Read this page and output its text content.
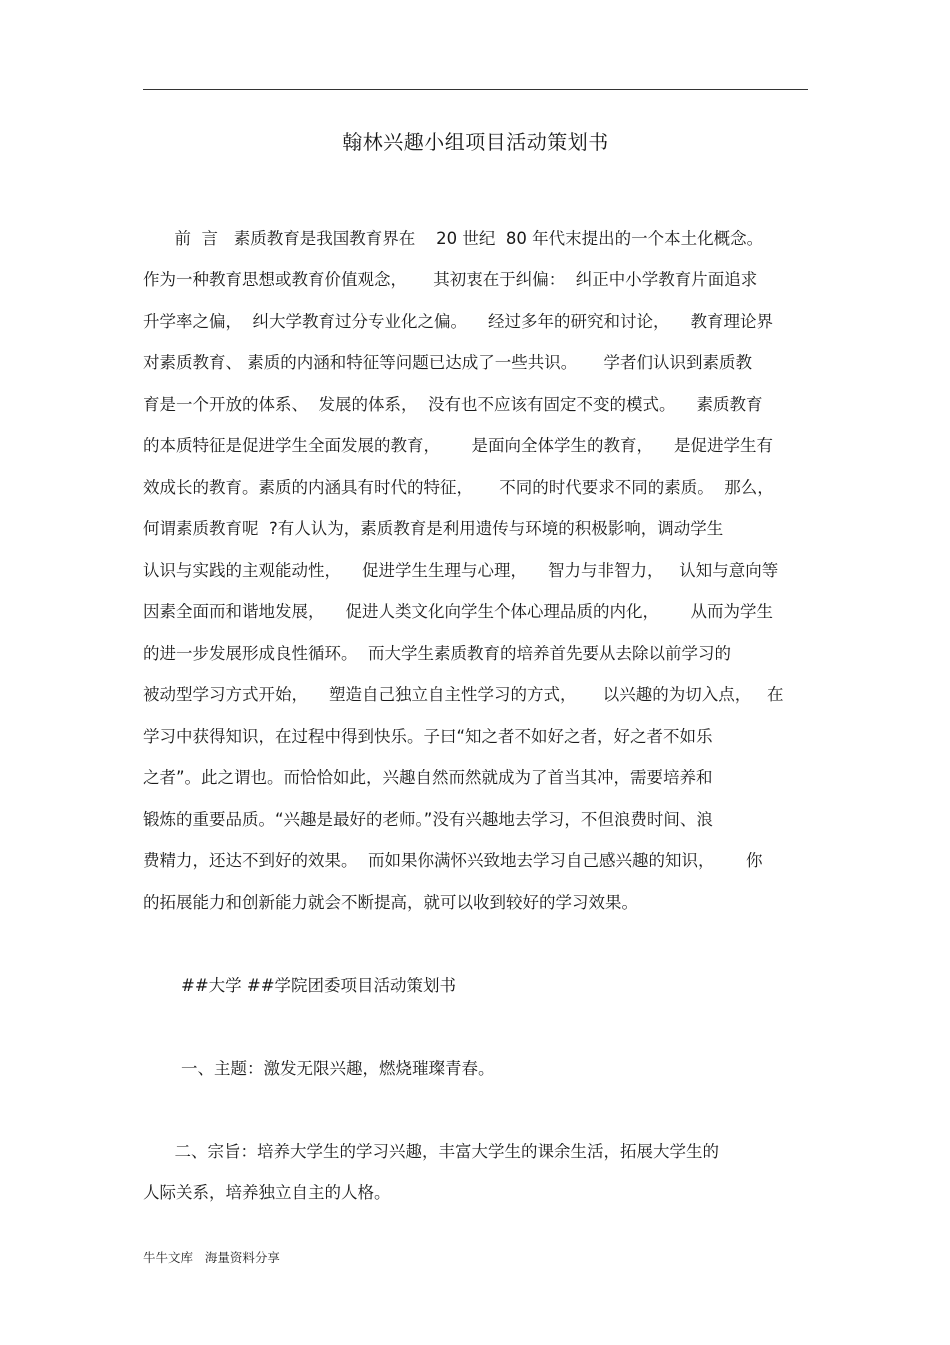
翰林兴趣小组项目活动策划书

前  言   素质教育是我国教育界在    20 世纪  80 年代末提出的一个本土化概念。

作为一种教育思想或教育价值观念，     其初衷在于纠偏：  纠正中小学教育片面追求

升学率之偏，  纠大学教育过分专业化之偏。    经过多年的研究和讨论，    教育理论界

对素质教育、 素质的内涵和特征等问题已达成了一些共识。     学者们认识到素质教

育是一个开放的体系、  发展的体系，  没有也不应该有固定不变的模式。    素质教育

的本质特征是促进学生全面发展的教育，      是面向全体学生的教育，    是促进学生有

效成长的教育。素质的内涵具有时代的特征，     不同的时代要求不同的素质。  那么，

何谓素质教育呢  ?有人认为，素质教育是利用遗传与环境的积极影响，调动学生

认识与实践的主观能动性，    促进学生生理与心理，    智力与非智力，   认知与意向等

因素全面而和谐地发展，    促进人类文化向学生个体心理品质的内化，      从而为学生

的进一步发展形成良性循环。  而大学生素质教育的培养首先要从去除以前学习的

被动型学习方式开始，    塑造自己独立自主性学习的方式，     以兴趣的为切入点，   在

学习中获得知识，在过程中得到快乐。子曰“知之者不如好之者，好之者不如乐

之者”。此之谓也。而恰恰如此，兴趣自然而然就成为了首当其冲，需要培养和

锻炼的重要品质。“兴趣是最好的老师。”没有兴趣地去学习，不但浪费时间、浪

费精力，还达不到好的效果。  而如果你满怀兴致地去学习自己感兴趣的知识，      你

的拓展能力和创新能力就会不断提高，就可以收到较好的学习效果。

##大学 ##学院团委项目活动策划书

一、主题：激发无限兴趣，燃烧璀璨青春。

二、宗旨：培养大学生的学习兴趣，丰富大学生的课余生活，拓展大学生的

人际关系，培养独立自主的人格。

牛牛文库   海量资料分享
